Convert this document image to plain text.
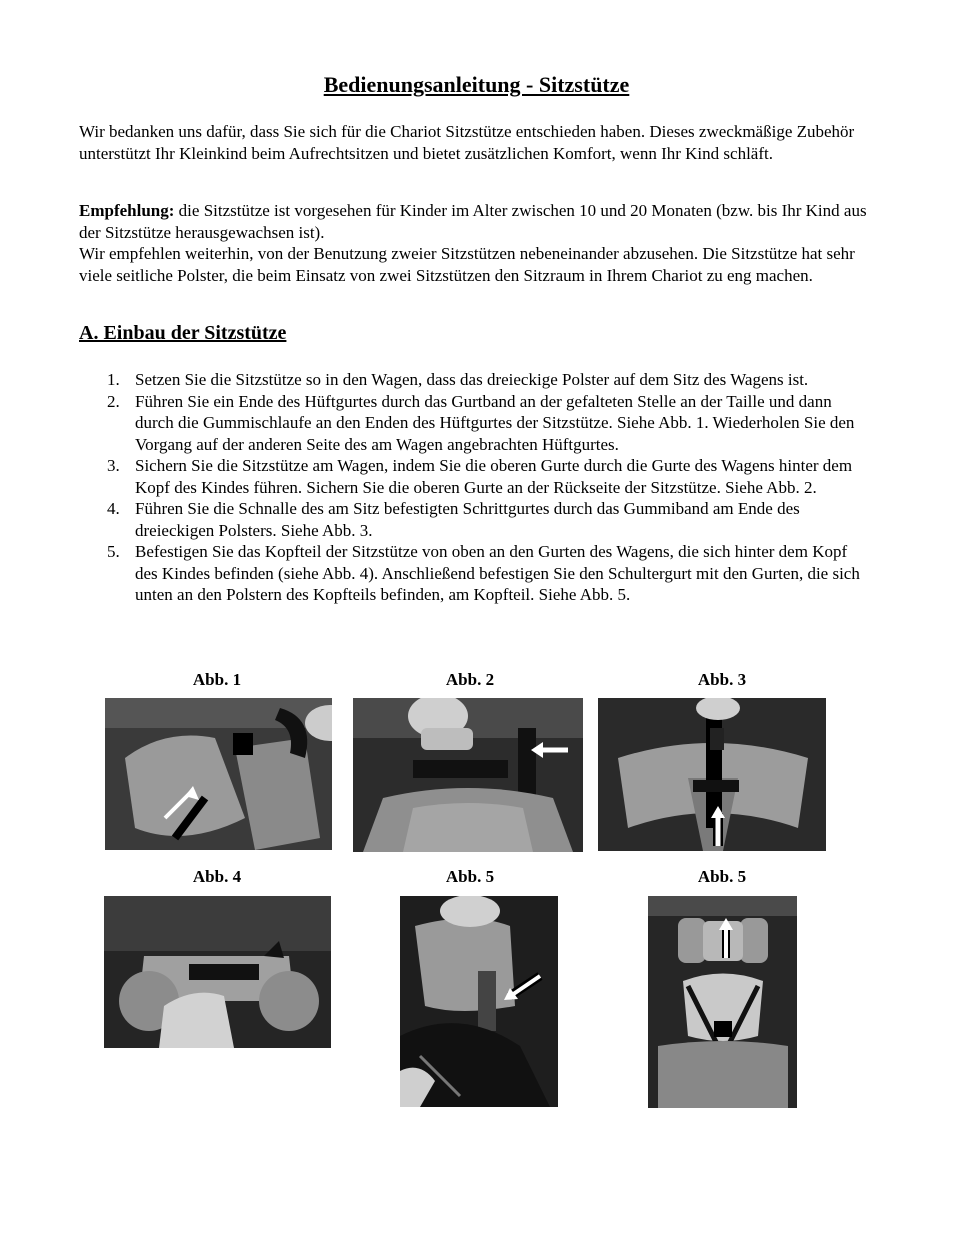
Bedienungsanleitung - Sitzstütze

Wir bedanken uns dafür, dass Sie sich für die Chariot Sitzstütze entschieden haben. Dieses zweckmäßige Zubehör unterstützt Ihr Kleinkind beim Aufrechtsitzen und bietet zusätzlichen Komfort, wenn Ihr Kind schläft.

Empfehlung: die Sitzstütze ist vorgesehen für Kinder im Alter zwischen 10 und 20 Monaten (bzw. bis Ihr Kind aus der Sitzstütze herausgewachsen ist).
Wir empfehlen weiterhin, von der Benutzung zweier Sitzstützen nebeneinander abzusehen. Die Sitzstütze hat sehr viele seitliche Polster, die beim Einsatz von zwei Sitzstützen den Sitzraum in Ihrem Chariot zu eng machen.

A. Einbau der Sitzstütze
1. Setzen Sie die Sitzstütze so in den Wagen, dass das dreieckige Polster auf dem Sitz des Wagens ist.
2. Führen Sie ein Ende des Hüftgurtes durch das Gurtband an der gefalteten Stelle an der Taille und dann durch die Gummischlaufe an den Enden des Hüftgurtes der Sitzstütze. Siehe Abb. 1. Wiederholen Sie den Vorgang auf der anderen Seite des am Wagen angebrachten Hüftgurtes.
3. Sichern Sie die Sitzstütze am Wagen, indem Sie die oberen Gurte durch die Gurte des Wagens hinter dem Kopf des Kindes führen. Sichern Sie die oberen Gurte an der Rückseite der Sitzstütze. Siehe Abb. 2.
4. Führen Sie die Schnalle des am Sitz befestigten Schrittgurtes durch das Gummiband am Ende des dreieckigen Polsters. Siehe Abb. 3.
5. Befestigen Sie das Kopfteil der Sitzstütze von oben an den Gurten des Wagens, die sich hinter dem Kopf des Kindes befinden (siehe Abb. 4). Anschließend befestigen Sie den Schultergurt mit den Gurten, die sich unten an den Polstern des Kopfteils befinden, am Kopfteil. Siehe Abb. 5.
Abb. 1	Abb. 2	Abb. 3
Abb. 4	Abb. 5	Abb. 5
